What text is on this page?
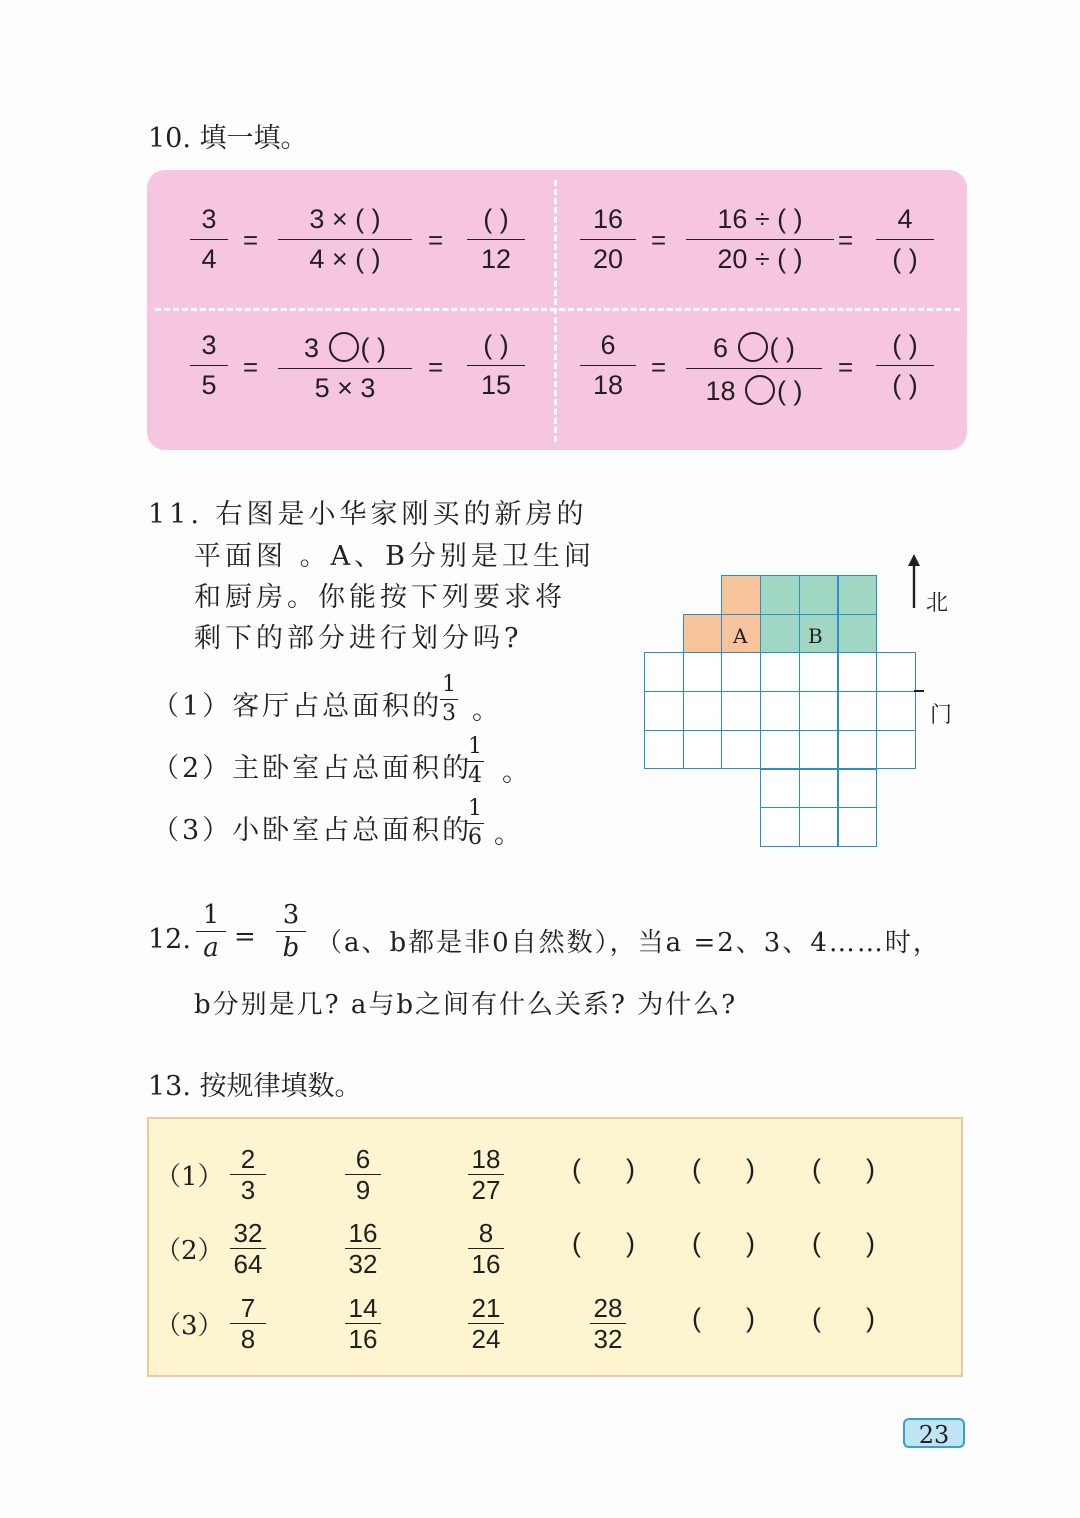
10. 填一填。
3
4
=
3 × ( )
4 × ( )
=
( )
12
16
20
=
16 ÷ ( )
20 ÷ ( )
=
4
( )
3
5
=
3 ( )
5 × 3
=
( )
15
6
18
=
6 ( )
18 ( )
=
( )
( )
11. 右图是小华家刚买的新房的
平面图 。A、B分别是卫生间
和厨房。你能按下列要求将
剩下的部分进行划分吗?
（1）客厅占总面积的
1
3 。
（2）主卧室占总面积的
1
4 。
（3）小卧室占总面积的
1
6 。
A	B
北
门
12.
1
a =
3
b （a、b都是非0自然数），当a =2、3、4……时，
b分别是几? a与b之间有什么关系? 为什么?
13. 按规律填数。
23
（1）
2
3
6
9
18
27
(      ) (      ) (      )
（2）
32
64
16
32
8
16
(      ) (      ) (      )
（3）
7
8
14
16
21
24
28
32
(      ) (      )
